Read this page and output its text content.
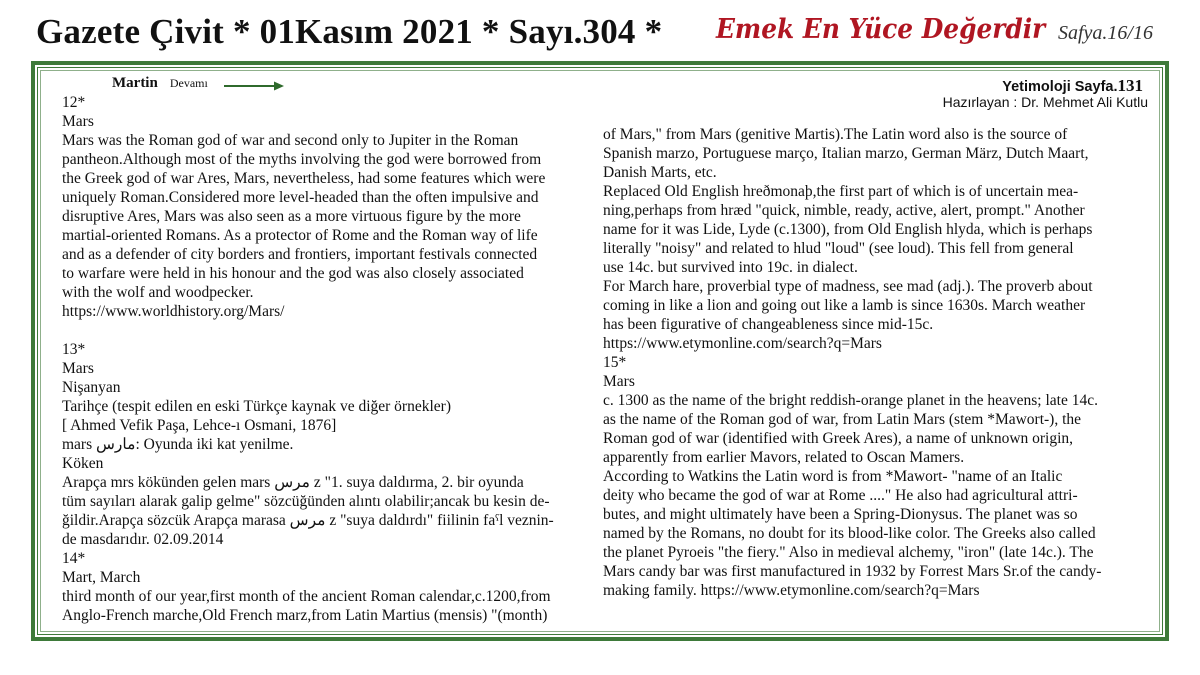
Gazete Çivit * 01Kasım 2021 * Sayı.304 * Emek En Yüce Değerdir Safya.16/16
Martin Devamı	Yetimoloji Sayfa.131
Hazırlayan : Dr. Mehmet Ali Kutlu

12*

Mars

Mars was the Roman god of war and second only to Jupiter in the Roman

pantheon.Although most of the myths involving the god were borrowed from

the Greek god of war Ares, Mars, nevertheless, had some features which were

uniquely Roman.Considered more level-headed than the often impulsive and

disruptive Ares, Mars was also seen as a more virtuous figure by the more

martial-oriented Romans. As a protector of Rome and the Roman way of life

and as a defender of city borders and frontiers, important festivals connected

to warfare were held in his honour and the god was also closely associated

with the wolf and woodpecker.

https://www.worldhistory.org/Mars/

13*

Mars

Nişanyan

Tarihçe (tespit edilen en eski Türkçe kaynak ve diğer örnekler)

[ Ahmed Vefik Paşa, Lehce-ı Osmani, 1876]

mars مارس: Oyunda iki kat yenilme.

Köken

Arapça mrs kökünden gelen mars مرس z "1. suya daldırma, 2. bir oyunda

tüm sayıları alarak galip gelme" sözcüğünden alıntı olabilir;ancak bu kesin de-

ğildir.Arapça sözcük Arapça marasa مرس z "suya daldırdı" fiilinin faˁl veznin-

de masdarıdır. 02.09.2014

14*

Mart, March

third month of our year,first month of the ancient Roman calendar,c.1200,from

Anglo-French marche,Old French marz,from Latin Martius (mensis) "(month)

of Mars," from Mars (genitive Martis).The Latin word also is the source of

Spanish marzo, Portuguese março, Italian marzo, German März, Dutch Maart,

Danish Marts, etc.

Replaced Old English hreðmonaþ,the first part of which is of uncertain mea-

ning,perhaps from hræd "quick, nimble, ready, active, alert, prompt." Another

name for it was Lide, Lyde (c.1300), from Old English hlyda, which is perhaps

literally "noisy" and related to hlud "loud" (see loud). This fell from general

use 14c. but survived into 19c. in dialect.

For March hare, proverbial type of madness, see mad (adj.). The proverb about

coming in like a lion and going out like a lamb is since 1630s. March weather

has been figurative of changeableness since mid-15c.

https://www.etymonline.com/search?q=Mars

15*

Mars

c. 1300 as the name of the bright reddish-orange planet in the heavens; late 14c.

as the name of the Roman god of war, from Latin Mars (stem *Mawort-), the

Roman god of war (identified with Greek Ares), a name of unknown origin,

apparently from earlier Mavors, related to Oscan Mamers.

According to Watkins the Latin word is from *Mawort- "name of an Italic

deity who became the god of war at Rome ...." He also had agricultural attri-

butes, and might ultimately have been a Spring-Dionysus. The planet was so

named by the Romans, no doubt for its blood-like color. The Greeks also called

the planet Pyroeis "the fiery." Also in medieval alchemy, "iron" (late 14c.). The

Mars candy bar was first manufactured in 1932 by Forrest Mars Sr.of the candy-

making family. https://www.etymonline.com/search?q=Mars
